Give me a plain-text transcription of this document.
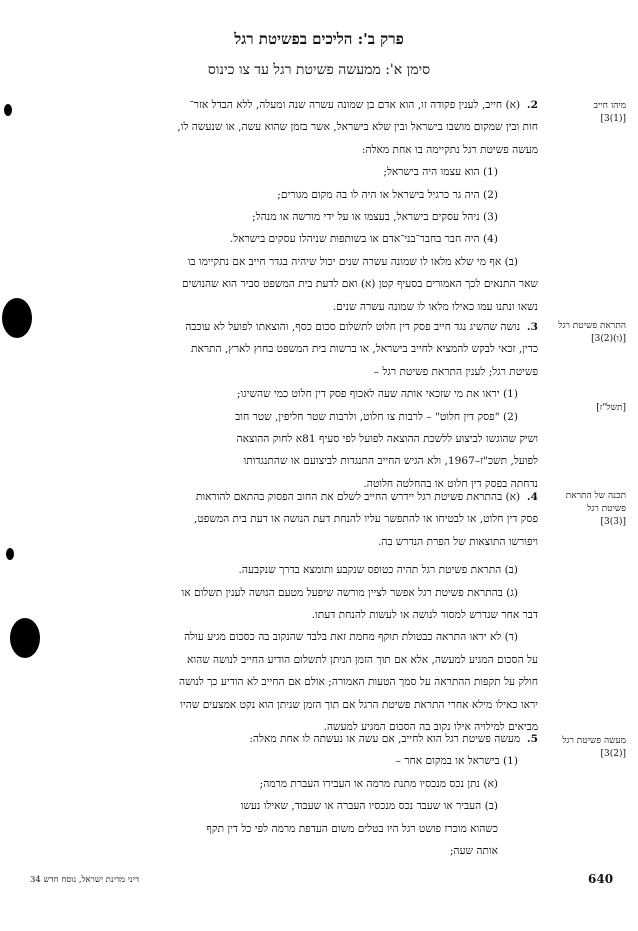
פרק ב': הליכים בפשיטת רגל
סימן א': ממעשה פשיטת רגל עד צו כינוס
מיהו חייב
[(1)3]
התראת פשיטת רגל
[(ו)(2)3]
[תשל"ז]
תכנה של התראת פשיטת רגל
[(3)3]
מעשה פשיטת רגל
[(2)3]
2.  (א) חייב, לענין פקודה זו, הוא אדם בן שמונה עשרה שנה ומעלה, ללא הבדל אזר־
חות ובין שמקום מושבו בישראל ובין שלא בישראל, אשר בזמן שהוא עשה, או שנעשה לו,
מעשה פשיטת רגל נתקיימה בו אחת מאלה:
(1) הוא עצמו היה בישראל;
(2) היה גר כרגיל בישראל או היה לו בה מקום מגורים;
(3) ניהל עסקים בישראל, בעצמו או על ידי מורשה או מנהל;
(4) היה חבר בחבר־בני־אדם או בשותפות שניהלו עסקים בישראל.
(ב) אף מי שלא מלאו לו שמונה עשרה שנים יכול שיהיה בגדר חייב אם נתקיימו בו
שאר התנאים לכך האמורים בסעיף קטן (א) ואם לדעת בית המשפט סביר הוא שהנושים
נשאו ונתנו עמו כאילו מלאו לו שמונה עשרה שנים.
3.  נושה שהשיג נגד חייב פסק דין חלוט לתשלום סכום כסף, והוצאתו לפועל לא עוכבה
כדין, זכאי לבקש להמציא לחייב בישראל, או ברשות בית המשפט בחוץ לארץ, התראת
פשיטת רגל; לענין התראת פשיטת רגל –
(1) יראו את מי שזכאי אותה שעה לאכוף פסק דין חלוט כמי שהשיגו;
(2) "פסק דין חלוט" – לרבות צו חלוט, ולרבות שטר חליפין, שטר חוב
ושיק שהוגשו לביצוע ללשכת ההוצאה לפועל לפי סעיף 81א לחוק ההוצאה
לפועל, תשכ"ז–1967, ולא הגיש החייב התנגדות לביצועם או שהתנגדותו
נדחתה בפסק דין חלוט או בהחלטה חלוטה.
4.  (א) בהתראת פשיטת רגל יידרש החייב לשלם את החוב הפסוק בהתאם להוראות
פסק דין חלוט, או לבטיחו או להתפשר עליו להנחת דעת הנושה או דעת בית המשפט,
ויפורשו התוצאות של הפרת הנדרש בה.
(ב) התראת פשיטת רגל תהיה כטופס שנקבע ותומצא בדרך שנקבעה.
(ג) בהתראת פשיטת רגל אפשר לציין מורשה שיפעל מטעם הנושה לענין תשלום או
דבר אחר שנדרש למסור לנושה או לעשות להנחת דעתו.
(ד) לא יראו התראה כבטולת תוקף מחמת זאת בלבד שהנקוב בה כסכום מגיע עולה
על הסכום המגיע למעשה, אלא אם תוך הזמן הניתן לתשלום הודיע החייב לנושה שהוא
חולק על תקפות ההתראה על סמך הטעות האמורה; אולם אם החייב לא הודיע כך לנושה
יראו כאילו מילא אחרי התראת פשיטת הרגל אם תוך הזמן שניתן הוא נקט אמצעים שהיו
מביאים למילויה אילו נקוב בה הסכום המגיע למעשה.
5.  מעשה פשיטת רגל הוא לחייב, אם עשה או נעשתה לו אחת מאלה:
(1) בישראל או במקום אחר –
(א) נתן נכס מנכסיו מתנת מרמה או העבירו העברת מרמה;
(ב) העביר או שעבד נכס מנכסיו העברה או שעבוד, שאילו נעשו
כשהוא מוכרז פושט רגל היו בטלים משום העדפת מרמה לפי כל דין תקף
אותה שעה;
640
דיני מדינת ישראל, נוסח חדש 34
